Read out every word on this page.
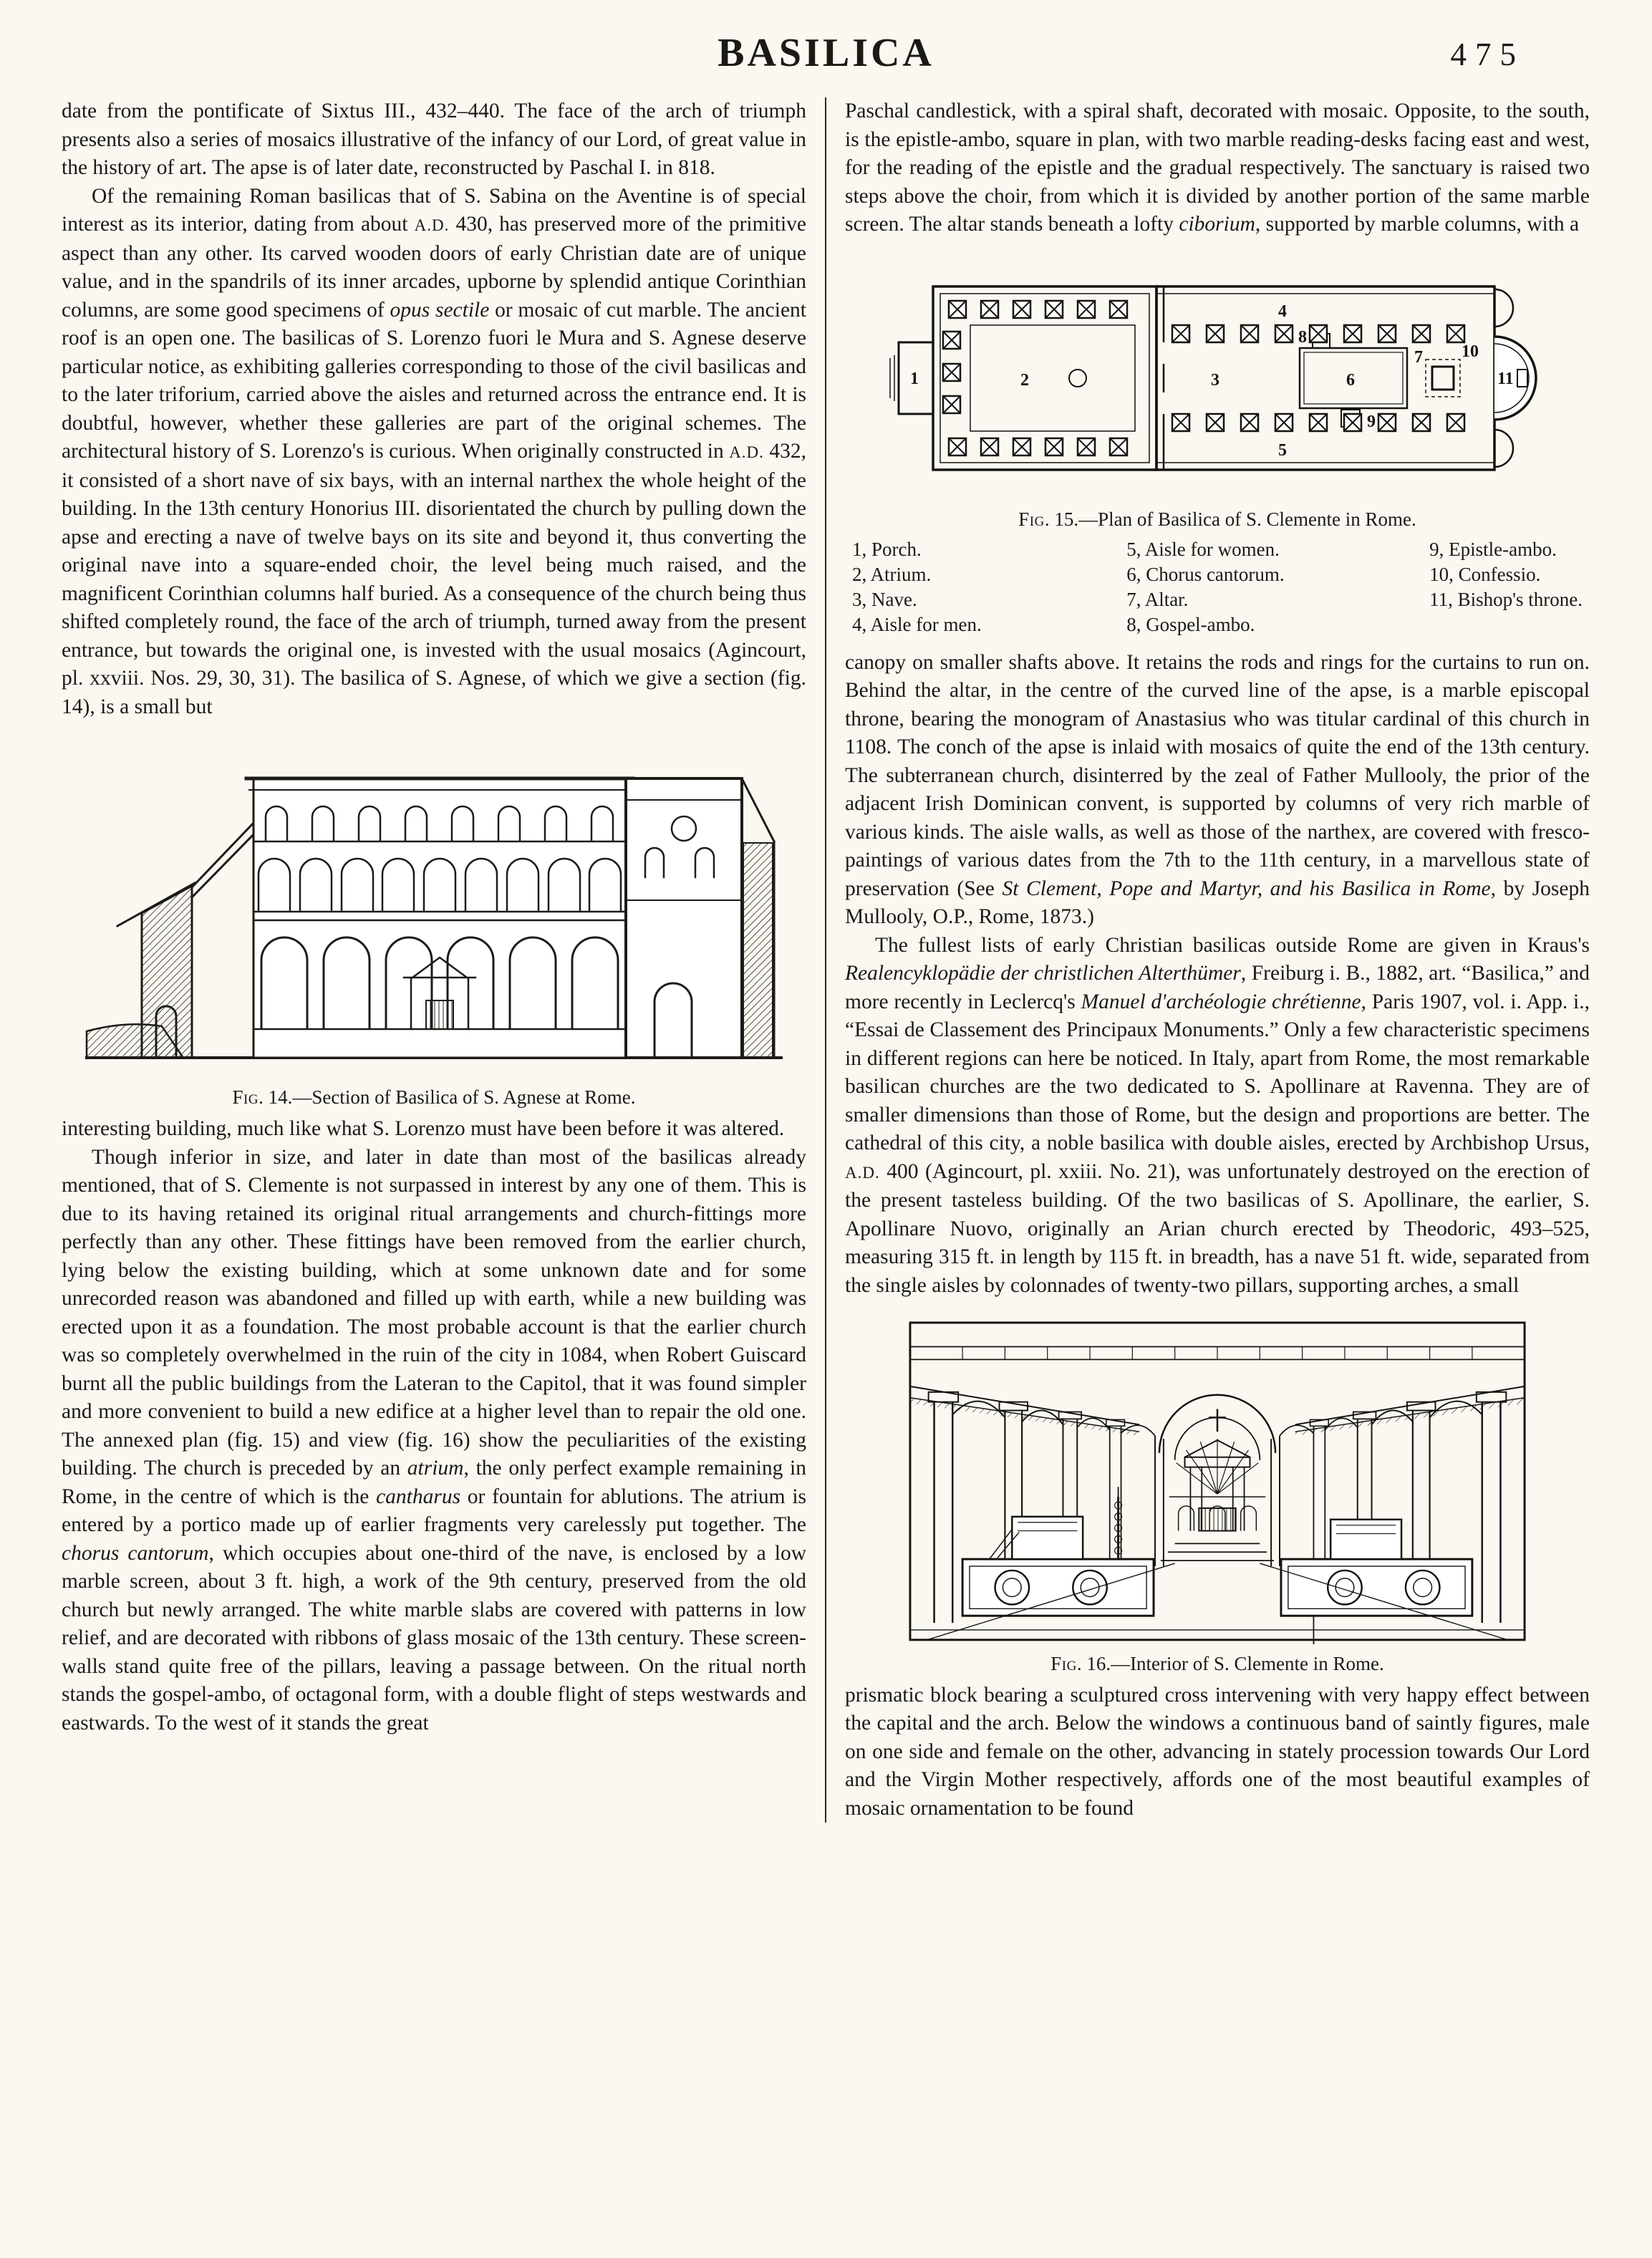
BASILICA	475

date from the pontificate of Sixtus III., 432–440. The face of the arch of triumph presents also a series of mosaics illustrative of the infancy of our Lord, of great value in the history of art. The apse is of later date, reconstructed by Paschal I. in 818.

Of the remaining Roman basilicas that of S. Sabina on the Aventine is of special interest as its interior, dating from about A.D. 430, has preserved more of the primitive aspect than any other. Its carved wooden doors of early Christian date are of unique value, and in the spandrils of its inner arcades, upborne by splendid antique Corinthian columns, are some good specimens of opus sectile or mosaic of cut marble. The ancient roof is an open one. The basilicas of S. Lorenzo fuori le Mura and S. Agnese deserve particular notice, as exhibiting galleries corresponding to those of the civil basilicas and to the later triforium, carried above the aisles and returned across the entrance end. It is doubtful, however, whether these galleries are part of the original schemes. The architectural history of S. Lorenzo's is curious. When originally constructed in A.D. 432, it consisted of a short nave of six bays, with an internal narthex the whole height of the building. In the 13th century Honorius III. disorientated the church by pulling down the apse and erecting a nave of twelve bays on its site and beyond it, thus converting the original nave into a square-ended choir, the level being much raised, and the magnificent Corinthian columns half buried. As a consequence of the church being thus shifted completely round, the face of the arch of triumph, turned away from the present entrance, but towards the original one, is invested with the usual mosaics (Agincourt, pl. xxviii. Nos. 29, 30, 31). The basilica of S. Agnese, of which we give a section (fig. 14), is a small but

Fig. 14.—Section of Basilica of S. Agnese at Rome.

interesting building, much like what S. Lorenzo must have been before it was altered.

Though inferior in size, and later in date than most of the basilicas already mentioned, that of S. Clemente is not surpassed in interest by any one of them. This is due to its having retained its original ritual arrangements and church-fittings more perfectly than any other. These fittings have been removed from the earlier church, lying below the existing building, which at some unknown date and for some unrecorded reason was abandoned and filled up with earth, while a new building was erected upon it as a foundation. The most probable account is that the earlier church was so completely overwhelmed in the ruin of the city in 1084, when Robert Guiscard burnt all the public buildings from the Lateran to the Capitol, that it was found simpler and more convenient to build a new edifice at a higher level than to repair the old one. The annexed plan (fig. 15) and view (fig. 16) show the peculiarities of the existing building. The church is preceded by an atrium, the only perfect example remaining in Rome, in the centre of which is the cantharus or fountain for ablutions. The atrium is entered by a portico made up of earlier fragments very carelessly put together. The chorus cantorum, which occupies about one-third of the nave, is enclosed by a low marble screen, about 3 ft. high, a work of the 9th century, preserved from the old church but newly arranged. The white marble slabs are covered with patterns in low relief, and are decorated with ribbons of glass mosaic of the 13th century. These screen-walls stand quite free of the pillars, leaving a passage between. On the ritual north stands the gospel-ambo, of octagonal form, with a double flight of steps westwards and eastwards. To the west of it stands the great

Paschal candlestick, with a spiral shaft, decorated with mosaic. Opposite, to the south, is the epistle-ambo, square in plan, with two marble reading-desks facing east and west, for the reading of the epistle and the gradual respectively. The sanctuary is raised two steps above the choir, from which it is divided by another portion of the same marble screen. The altar stands beneath a lofty ciborium, supported by marble columns, with a

1	2	3
4
5
6
7
8
9
10
11
Fig. 15.—Plan of Basilica of S. Clemente in Rome.
1, Porch.
2, Atrium.
3, Nave.
4, Aisle for men.
5, Aisle for women.
6, Chorus cantorum.
7, Altar.
8, Gospel-ambo.
9, Epistle-ambo.
10, Confessio.
11, Bishop's throne.

canopy on smaller shafts above. It retains the rods and rings for the curtains to run on. Behind the altar, in the centre of the curved line of the apse, is a marble episcopal throne, bearing the monogram of Anastasius who was titular cardinal of this church in 1108. The conch of the apse is inlaid with mosaics of quite the end of the 13th century. The subterranean church, disinterred by the zeal of Father Mullooly, the prior of the adjacent Irish Dominican convent, is supported by columns of very rich marble of various kinds. The aisle walls, as well as those of the narthex, are covered with fresco-paintings of various dates from the 7th to the 11th century, in a marvellous state of preservation (See St Clement, Pope and Martyr, and his Basilica in Rome, by Joseph Mullooly, O.P., Rome, 1873.)

The fullest lists of early Christian basilicas outside Rome are given in Kraus's Realencyklopädie der christlichen Alterthümer, Freiburg i. B., 1882, art. “Basilica,” and more recently in Leclercq's Manuel d'archéologie chrétienne, Paris 1907, vol. i. App. i., “Essai de Classement des Principaux Monuments.” Only a few characteristic specimens in different regions can here be noticed. In Italy, apart from Rome, the most remarkable basilican churches are the two dedicated to S. Apollinare at Ravenna. They are of smaller dimensions than those of Rome, but the design and proportions are better. The cathedral of this city, a noble basilica with double aisles, erected by Archbishop Ursus, A.D. 400 (Agincourt, pl. xxiii. No. 21), was unfortunately destroyed on the erection of the present tasteless building. Of the two basilicas of S. Apollinare, the earlier, S. Apollinare Nuovo, originally an Arian church erected by Theodoric, 493–525, measuring 315 ft. in length by 115 ft. in breadth, has a nave 51 ft. wide, separated from the single aisles by colonnades of twenty-two pillars, supporting arches, a small

Fig. 16.—Interior of S. Clemente in Rome.

prismatic block bearing a sculptured cross intervening with very happy effect between the capital and the arch. Below the windows a continuous band of saintly figures, male on one side and female on the other, advancing in stately procession towards Our Lord and the Virgin Mother respectively, affords one of the most beautiful examples of mosaic ornamentation to be found
